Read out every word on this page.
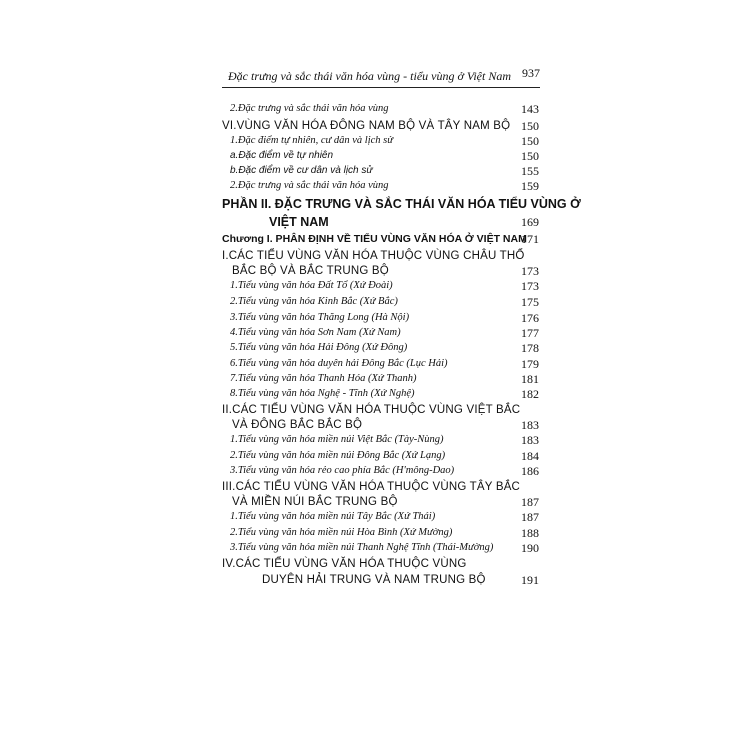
Đặc trưng và sắc thái văn hóa vùng - tiểu vùng ở Việt Nam 937
2.Đặc trưng và sắc thái văn hóa vùng	143
VI.VÙNG VĂN HÓA ĐÔNG NAM BỘ VÀ TÂY NAM BỘ 150
1.Đặc điểm tự nhiên, cư dân và lịch sử	150
a.Đặc điểm về tự nhiên	150
b.Đặc điểm về cư dân và lịch sử	155
2.Đặc trưng và sắc thái văn hóa vùng	159
PHẦN II. ĐẶC TRƯNG VÀ SẮC THÁI VĂN HÓA TIỂU VÙNG Ở
VIỆT NAM	169
Chương I. PHÂN ĐỊNH VỀ TIỂU VÙNG VĂN HÓA Ở VIỆT NAM
171
I.CÁC TIỂU VÙNG VĂN HÓA THUỘC VÙNG CHÂU THỔ
BẮC BỘ VÀ BẮC TRUNG BỘ	173
1.Tiểu vùng văn hóa Đất Tổ (Xứ Đoài)	173
2.Tiểu vùng văn hóa Kinh Bắc (Xứ Bắc)	175
3.Tiểu vùng văn hóa Thăng Long (Hà Nội)	176
4.Tiểu vùng văn hóa Sơn Nam (Xứ Nam)	177
5.Tiểu vùng văn hóa Hải Đông (Xứ Đông)	178
6.Tiểu vùng văn hóa duyên hải Đông Bắc (Lục Hải)	179
7.Tiểu vùng văn hóa Thanh Hóa (Xứ Thanh)	181
8.Tiểu vùng văn hóa Nghệ - Tĩnh (Xứ Nghệ)	182
II.CÁC TIỂU VÙNG VĂN HÓA THUỘC VÙNG VIỆT BẮC
VÀ ĐÔNG BẮC BẮC BỘ	183
1.Tiểu vùng văn hóa miền núi Việt Bắc (Tày-Nùng)	183
2.Tiểu vùng văn hóa miền núi Đông Bắc (Xứ Lạng)	184
3.Tiểu vùng văn hóa rẻo cao phía Bắc (H'mông-Dao)	186
III.CÁC TIỂU VÙNG VĂN HÓA THUỘC VÙNG TÂY BẮC
VÀ MIỀN NÚI BẮC TRUNG BỘ	187
1.Tiểu vùng văn hóa miền núi Tây Bắc (Xứ Thái)	187
2.Tiểu vùng văn hóa miền núi Hòa Bình (Xứ Mường)	188
3.Tiểu vùng văn hóa miền núi Thanh Nghệ Tĩnh (Thái-Mường)	190
IV.CÁC TIỂU VÙNG VĂN HÓA THUỘC VÙNG
DUYÊN HẢI TRUNG VÀ NAM TRUNG BỘ	191
